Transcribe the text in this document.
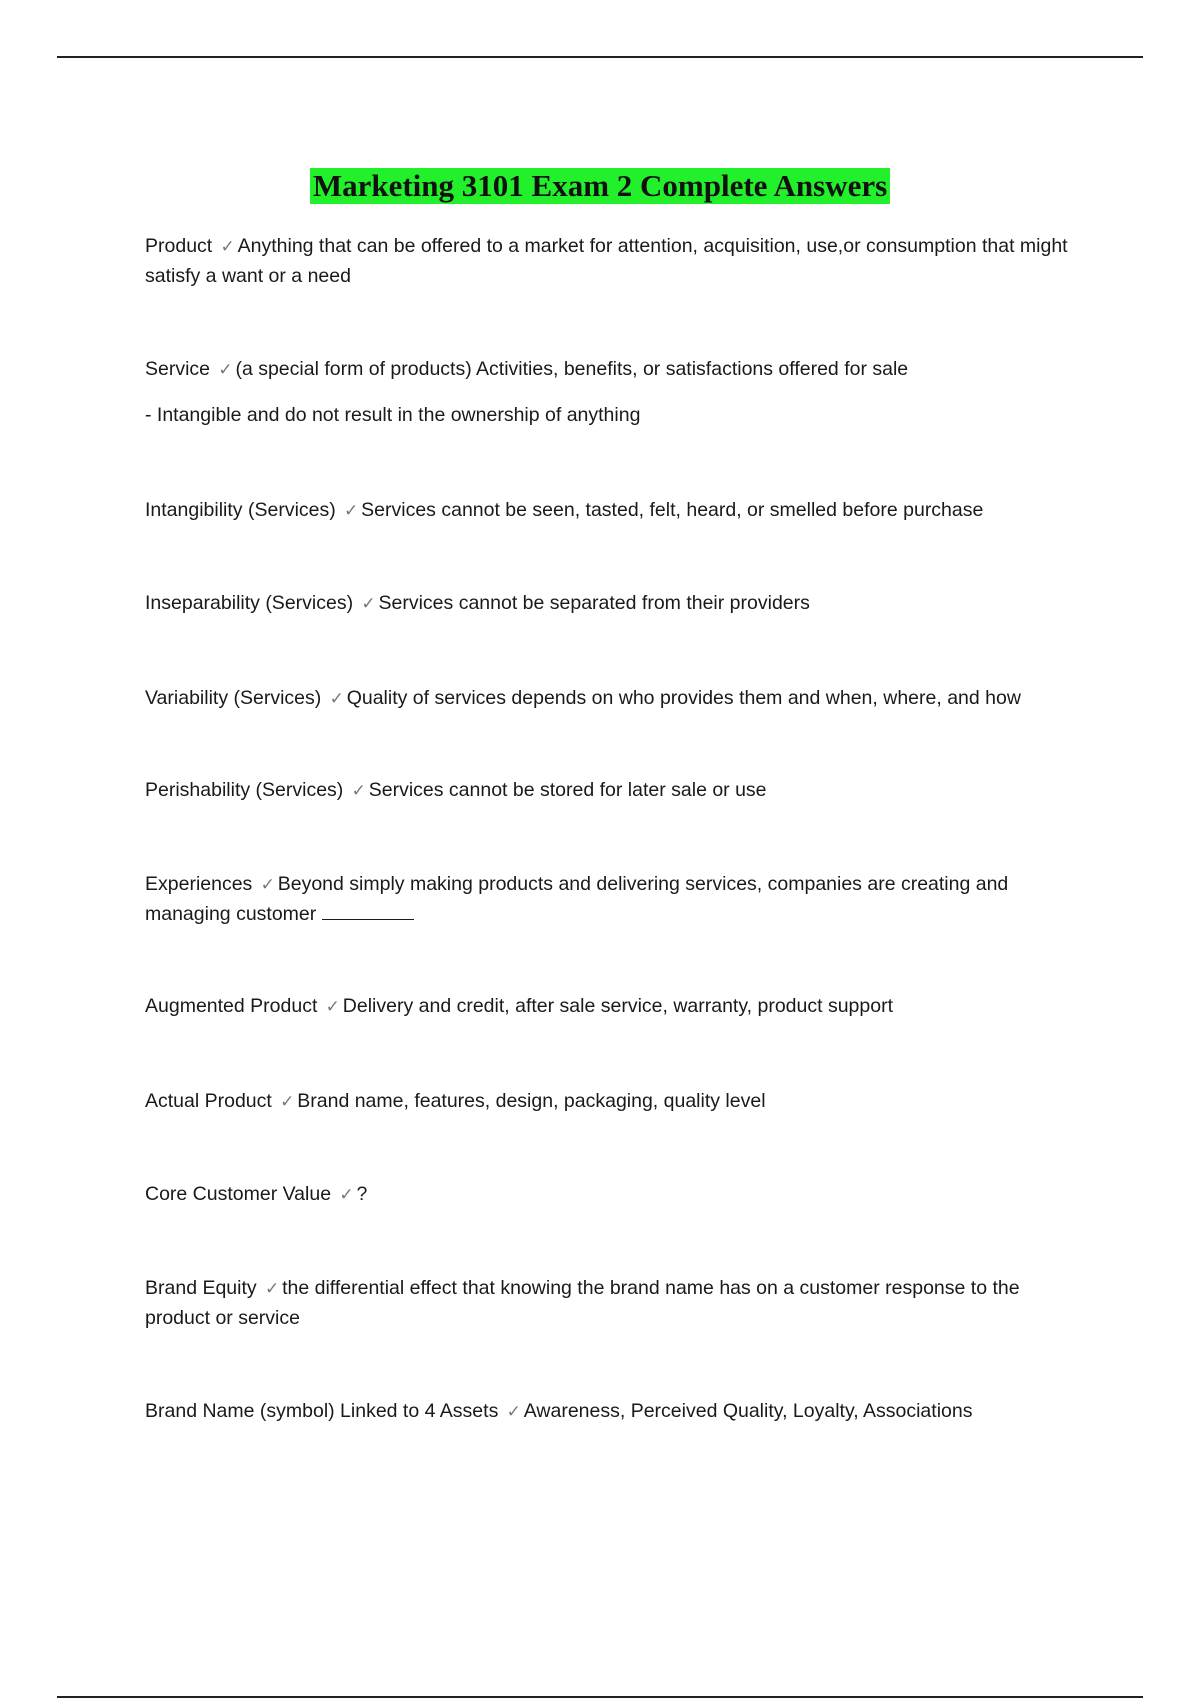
Marketing 3101 Exam 2 Complete Answers
Product ✓ Anything that can be offered to a market for attention, acquisition, use,or consumption that might satisfy a want or a need
Service ✓ (a special form of products) Activities, benefits, or satisfactions offered for sale
- Intangible and do not result in the ownership of anything
Intangibility (Services) ✓ Services cannot be seen, tasted, felt, heard, or smelled before purchase
Inseparability (Services) ✓ Services cannot be separated from their providers
Variability (Services) ✓ Quality of services depends on who provides them and when, where, and how
Perishability (Services) ✓ Services cannot be stored for later sale or use
Experiences ✓ Beyond simply making products and delivering services, companies are creating and managing customer
Augmented Product ✓ Delivery and credit, after sale service, warranty, product support
Actual Product ✓ Brand name, features, design, packaging, quality level
Core Customer Value ✓ ?
Brand Equity ✓ the differential effect that knowing the brand name has on a customer response to the product or service
Brand Name (symbol) Linked to 4 Assets ✓ Awareness, Perceived Quality, Loyalty, Associations
